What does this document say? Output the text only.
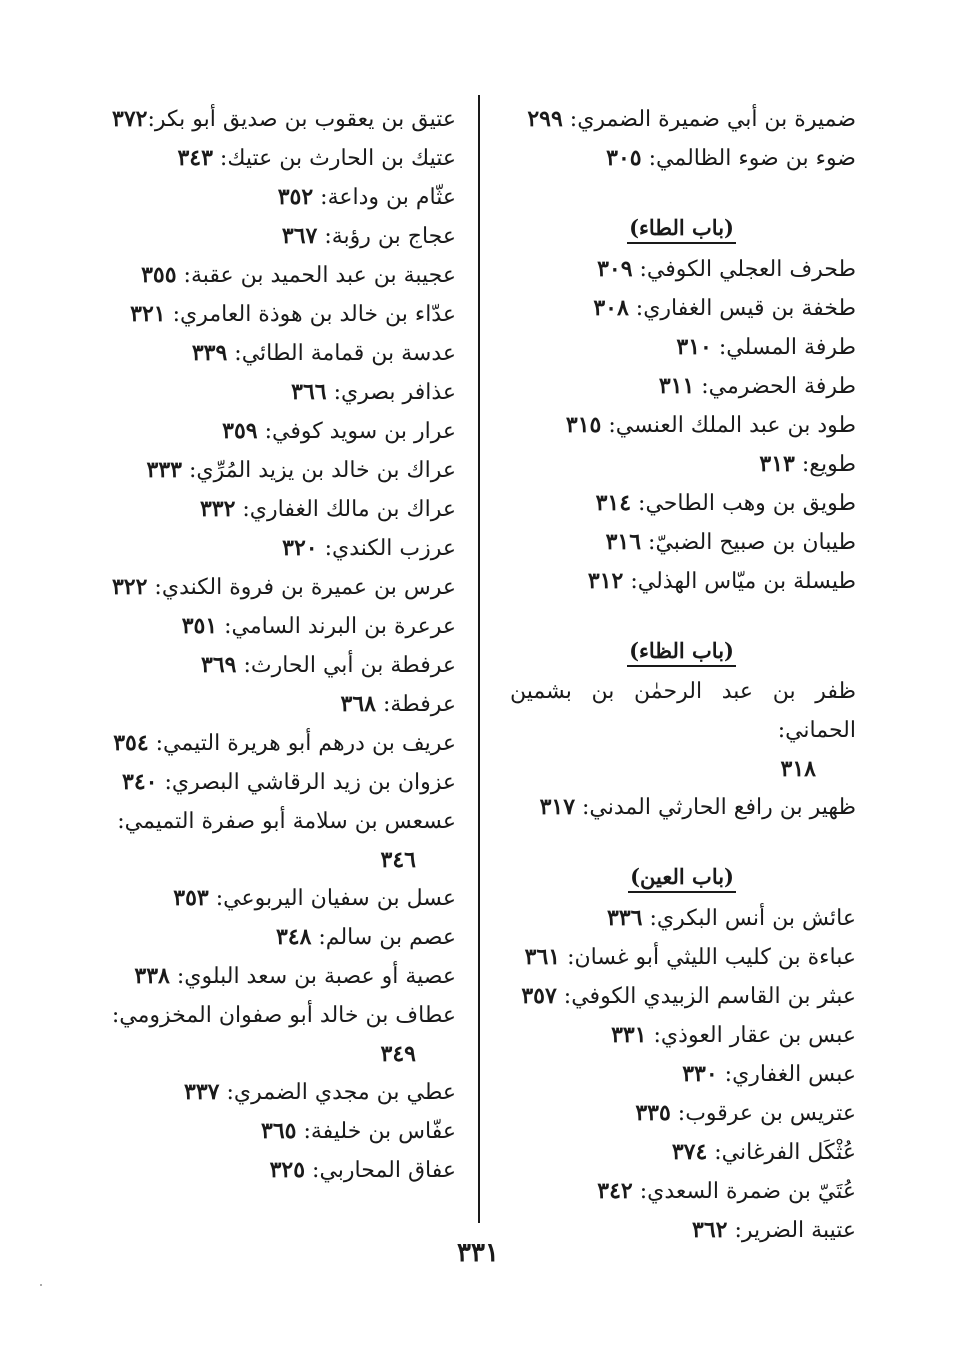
ضميرة بن أبي ضميرة الضمري: ٢٩٩
ضوء بن ضوء الظالمي: ٣٠٥
(باب الطاء)
طحرف العجلي الكوفي: ٣٠٩
طخفة بن قيس الغفاري: ٣٠٨
طرفة المسلي: ٣١٠
طرفة الحضرمي: ٣١١
طود بن عبد الملك العنسي: ٣١٥
طويع: ٣١٣
طويق بن وهب الطاحي: ٣١٤
طيبان بن صبيح الضبيّ: ٣١٦
طيسلة بن ميّاس الهذلي: ٣١٢
(باب الظاء)
ظفر بن عبد الرحمٰن بن بشمين الحماني:
٣١٨
ظهير بن رافع الحارثي المدني: ٣١٧
(باب العين)
عائش بن أنس البكري: ٣٣٦
عباءة بن كليب الليثي أبو غسان: ٣٦١
عبثر بن القاسم الزبيدي الكوفي: ٣٥٧
عبس بن عقار العوذي: ٣٣١
عبس الغفاري: ٣٣٠
عتريس بن عرقوب: ٣٣٥
عُثْكَل الفرغاني: ٣٧٤
عُتَيّ بن ضمرة السعدي: ٣٤٢
عتيبة الضرير: ٣٦٢
عتيق بن يعقوب بن صديق أبو بكر:٣٧٢
عتيك بن الحارث بن عتيك: ٣٤٣
عثّام بن وداعة: ٣٥٢
عجاج بن رؤبة: ٣٦٧
عجيبة بن عبد الحميد بن عقبة: ٣٥٥
عدّاء بن خالد بن هوذة العامري: ٣٢١
عدسة بن قمامة الطائي: ٣٣٩
عذافر بصري: ٣٦٦
عرار بن سويد كوفي: ٣٥٩
عراك بن خالد بن يزيد المُرِّي: ٣٣٣
عراك بن مالك الغفاري: ٣٣٢
عرزب الكندي: ٣٢٠
عرس بن عميرة بن فروة الكندي: ٣٢٢
عرعرة بن البرند السامي: ٣٥١
عرفطة بن أبي الحارث: ٣٦٩
عرفطة: ٣٦٨
عريف بن درهم أبو هريرة التيمي: ٣٥٤
عزوان بن زيد الرقاشي البصري: ٣٤٠
عسعس بن سلامة أبو صفرة التميمي:
٣٤٦
عسل بن سفيان اليربوعي: ٣٥٣
عصم بن سالم: ٣٤٨
عصية أو عصبة بن سعد البلوي: ٣٣٨
عطاف بن خالد أبو صفوان المخزومي:
٣٤٩
عطي بن مجدي الضمري: ٣٣٧
عفّاس بن خليفة: ٣٦٥
عفاق المحاربي: ٣٢٥
٣٣١
